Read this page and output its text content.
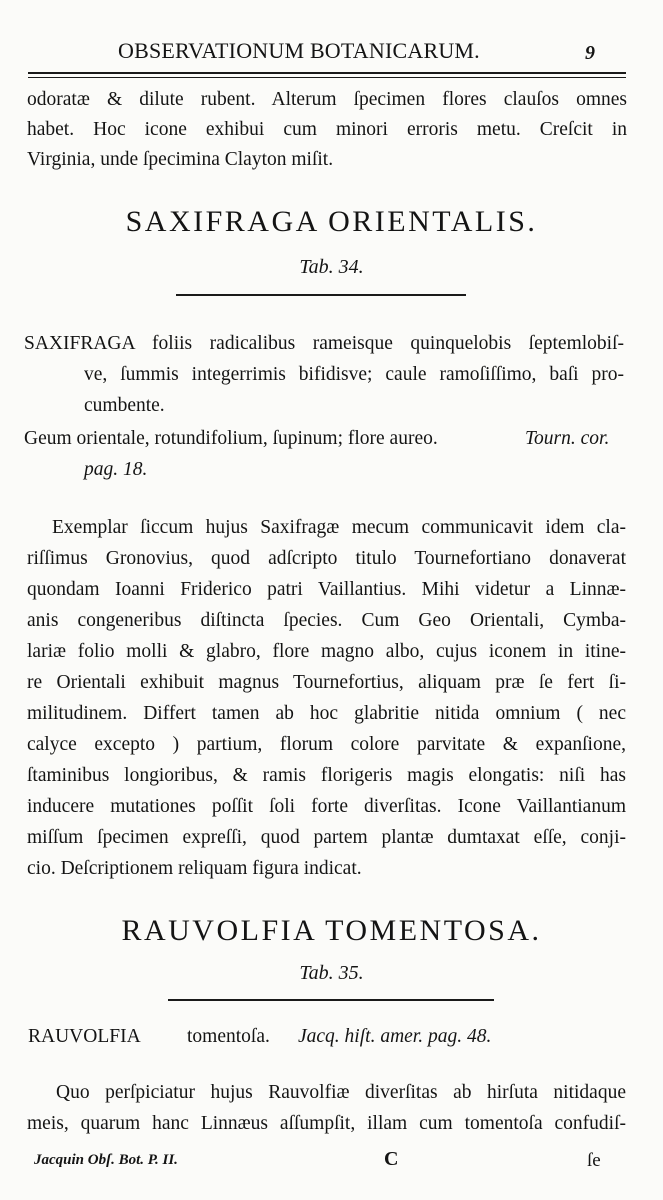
OBSERVATIONUM BOTANICARUM.	9
odoratæ & dilute rubent. Alterum ſpecimen flores clauſos omnes
habet. Hoc icone exhibui cum minori erroris metu. Creſcit in
Virginia, unde ſpecimina Clayton miſit.
SAXIFRAGA ORIENTALIS.
Tab. 34.
SAXIFRAGA foliis radicalibus rameisque quinquelobis ſeptemlobiſ-
ve, ſummis integerrimis bifidisve; caule ramoſiſſimo, baſi pro-
cumbente.
Geum orientale, rotundifolium, ſupinum; flore aureo.	Tourn. cor.
pag. 18.
Exemplar ſiccum hujus Saxifragæ mecum communicavit idem cla-
riſſimus Gronovius, quod adſcripto titulo Tournefortiano donaverat
quondam Ioanni Friderico patri Vaillantius. Mihi videtur a Linnæ-
anis congeneribus diſtincta ſpecies. Cum Geo Orientali, Cymba-
lariæ folio molli & glabro, flore magno albo, cujus iconem in itine-
re Orientali exhibuit magnus Tournefortius, aliquam præ ſe fert ſi-
militudinem. Differt tamen ab hoc glabritie nitida omnium ( nec
calyce excepto ) partium, florum colore parvitate & expanſione,
ſtaminibus longioribus, & ramis florigeris magis elongatis: niſi has
inducere mutationes poſſit ſoli forte diverſitas. Icone Vaillantianum
miſſum ſpecimen expreſſi, quod partem plantæ dumtaxat eſſe, conji-
cio. Deſcriptionem reliquam figura indicat.
RAUVOLFIA TOMENTOSA.
Tab. 35.
RAUVOLFIA tomentoſa. Jacq. hiſt. amer. pag. 48.
Quo perſpiciatur hujus Rauvolfiæ diverſitas ab hirſuta nitidaque
meis, quarum hanc Linnæus aſſumpſit, illam cum tomentoſa confudiſ-
Jacquin Obſ. Bot. P. II.	C	ſe
